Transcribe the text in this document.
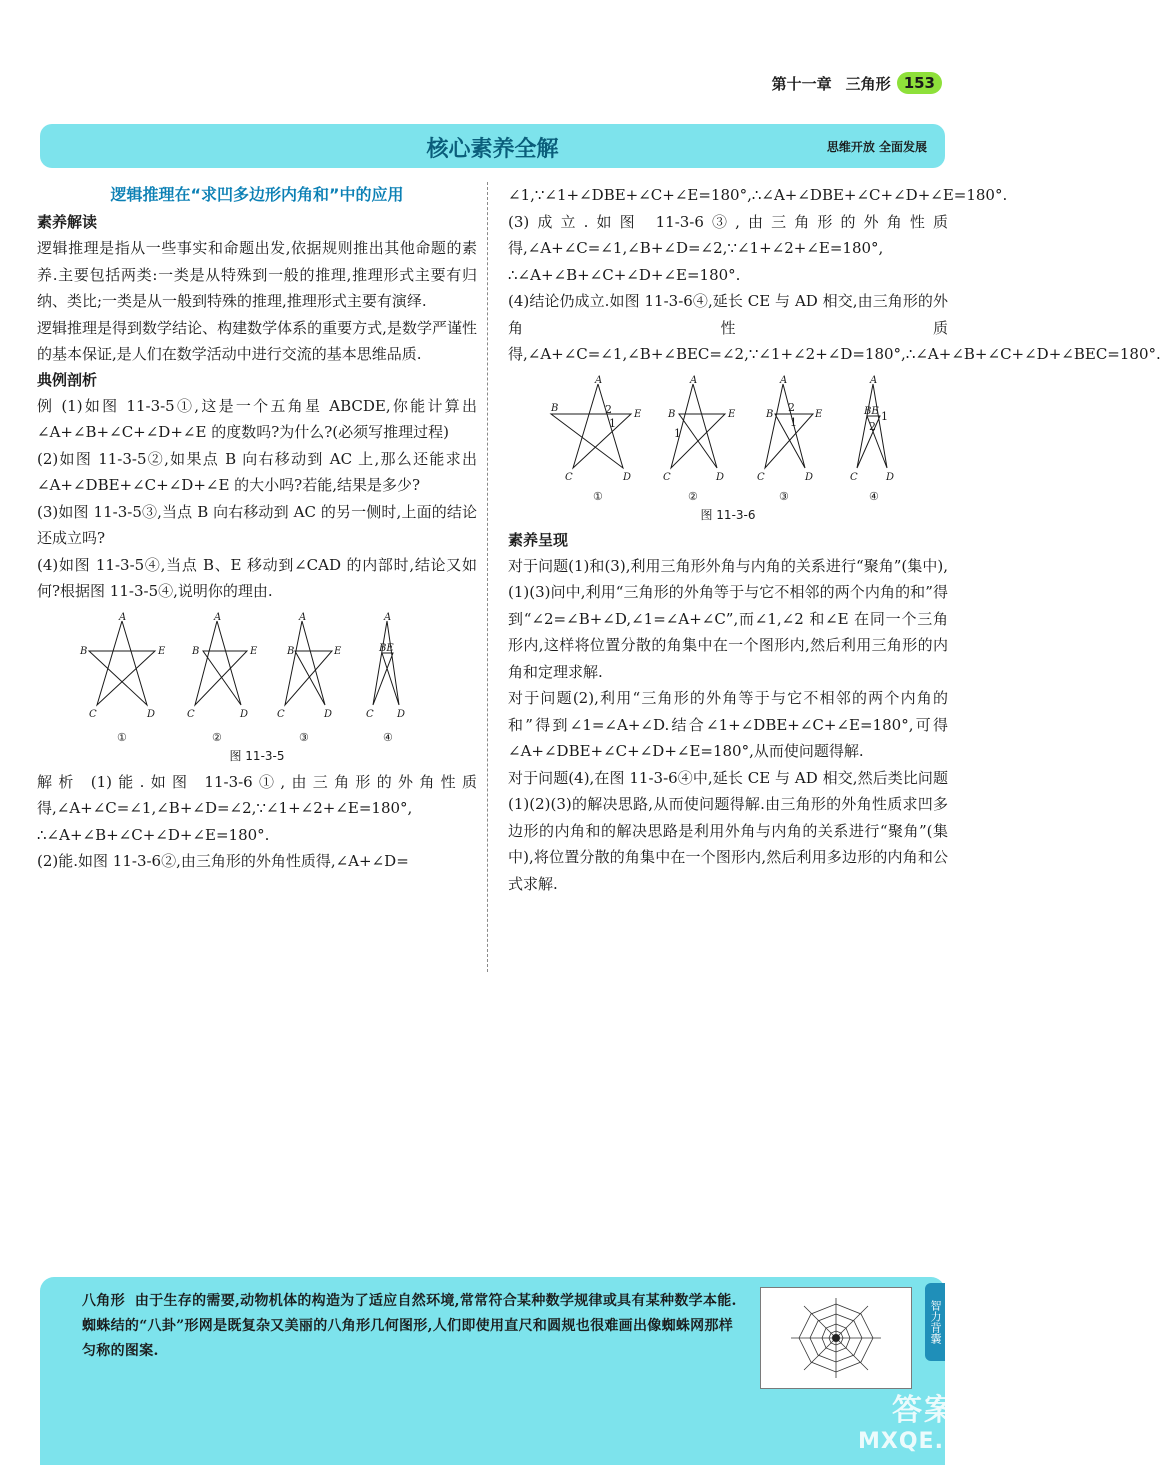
第十一章 三角形 153
核心素养全解	思维开放 全面发展
逻辑推理在“求凹多边形内角和”中的应用
素养解读

逻辑推理是指从一些事实和命题出发,依据规则推出其他命题的素养.主要包括两类:一类是从特殊到一般的推理,推理形式主要有归纳、类比;一类是从一般到特殊的推理,推理形式主要有演绎.

逻辑推理是得到数学结论、构建数学体系的重要方式,是数学严谨性的基本保证,是人们在数学活动中进行交流的基本思维品质.

典例剖析

例 (1)如图 11-3-5①,这是一个五角星 ABCDE,你能计算出∠A+∠B+∠C+∠D+∠E 的度数吗?为什么?(必须写推理过程)

(2)如图 11-3-5②,如果点 B 向右移动到 AC 上,那么还能求出∠A+∠DBE+∠C+∠D+∠E 的大小吗?若能,结果是多少?

(3)如图 11-3-5③,当点 B 向右移动到 AC 的另一侧时,上面的结论还成立吗?

(4)如图 11-3-5④,当点 B、E 移动到∠CAD 的内部时,结论又如何?根据图 11-3-5④,说明你的理由.

A
B	E
C	D
①
A
B	E
C	D
②
A
B	E
C	D
③
A
BE
C D
④
图 11-3-5

解析 (1)能.如图 11-3-6①,由三角形的外角性质得,∠A+∠C=∠1,∠B+∠D=∠2,∵∠1+∠2+∠E=180°,

∴∠A+∠B+∠C+∠D+∠E=180°.

(2)能.如图 11-3-6②,由三角形的外角性质得,∠A+∠D=

∠1,∵∠1+∠DBE+∠C+∠E=180°,∴∠A+∠DBE+∠C+∠D+∠E=180°.

(3)成立.如图 11-3-6③,由三角形的外角性质得,∠A+∠C=∠1,∠B+∠D=∠2,∵∠1+∠2+∠E=180°,

∴∠A+∠B+∠C+∠D+∠E=180°.

(4)结论仍成立.如图 11-3-6④,延长 CE 与 AD 相交,由三角形的外角性质得,∠A+∠C=∠1,∠B+∠BEC=∠2,∵∠1+∠2+∠D=180°,∴∠A+∠B+∠C+∠D+∠BEC=180°.

A
B
E
C	D
2
1
①
A
B	E
C	D
1
②
A
B	E
C	D
2
1
③
A
BE 1
2
C	D
④
图 11-3-6
素养呈现

对于问题(1)和(3),利用三角形外角与内角的关系进行“聚角”(集中),(1)(3)问中,利用“三角形的外角等于与它不相邻的两个内角的和”得到“∠2=∠B+∠D,∠1=∠A+∠C”,而∠1,∠2 和∠E 在同一个三角形内,这样将位置分散的角集中在一个图形内,然后利用三角形的内角和定理求解.

对于问题(2),利用“三角形的外角等于与它不相邻的两个内角的和”得到∠1=∠A+∠D.结合∠1+∠DBE+∠C+∠E=180°,可得∠A+∠DBE+∠C+∠D+∠E=180°,从而使问题得解.

对于问题(4),在图 11-3-6④中,延长 CE 与 AD 相交,然后类比问题(1)(2)(3)的解决思路,从而使问题得解.由三角形的外角性质求凹多边形的内角和的解决思路是利用外角与内角的关系进行“聚角”(集中),将位置分散的角集中在一个图形内,然后利用多边形的内角和公式求解.

八角形 由于生存的需要,动物机体的构造为了适应自然环境,常常符合某种数学规律或具有某种数学本能.蜘蛛结的“八卦”形网是既复杂又美丽的八角形几何图形,人们即使用直尺和圆规也很难画出像蜘蛛网那样匀称的图案.
智力背囊
答案圈
MXQE.COM
